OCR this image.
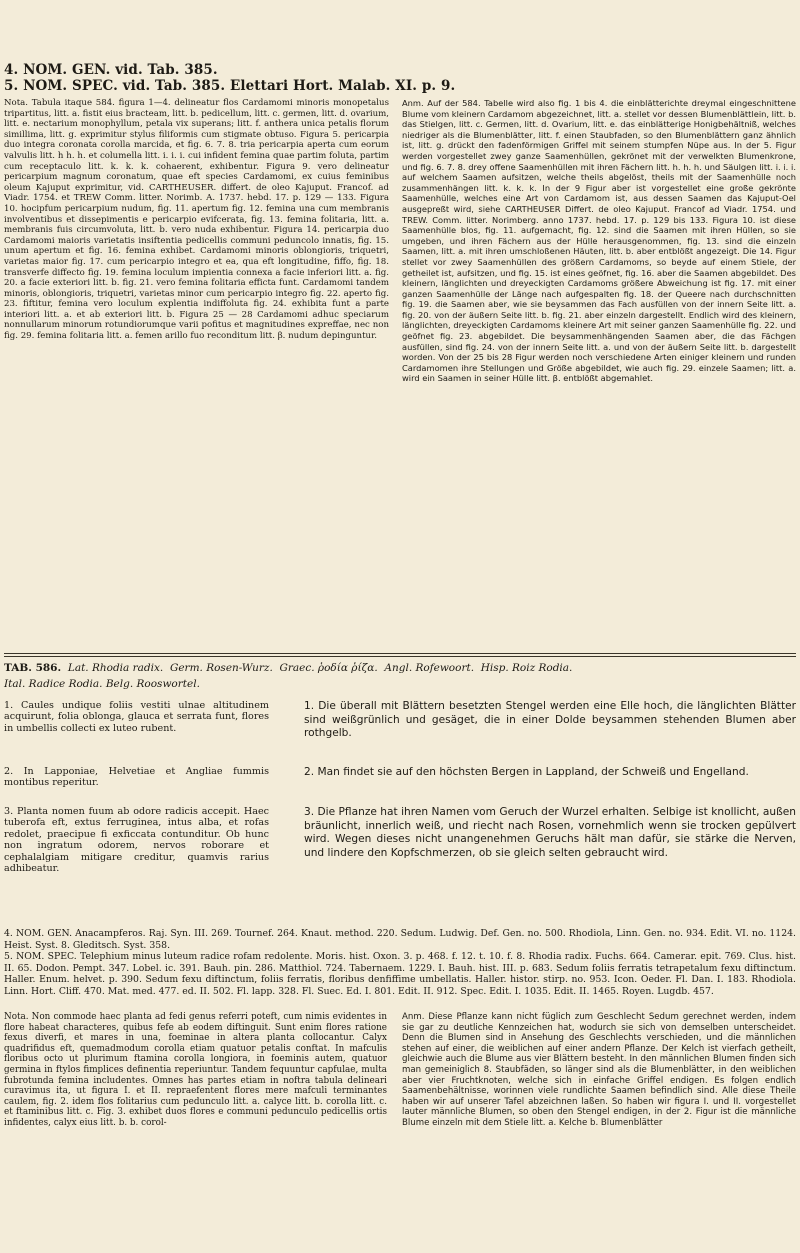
4. NOM. GEN. vid. Tab. 385.
5. NOM. SPEC. vid. Tab. 385. Elettari Hort. Malab. XI. p. 9.
Nota. Tabula itaque 584. figura 1—4. delineatur flos Cardamomi minoris monopetalus tripartitus, litt. a. fistit eius bracteam, litt. b. pedicellum, litt. c. germen, litt. d. ovarium, litt. e. nectarium monophyllum, petala vix superans; litt. f. anthera unica petalis florum simillima, litt. g. exprimitur stylus filiformis cum stigmate obtuso. Figura 5. pericarpia duo integra coronata corolla marcida, et fig. 6. 7. 8. tria pericarpia aperta cum eorum valvulis litt. h h. h. et columella litt. i. i. i. cui infident femina quae partim foluta, partim cum receptaculo litt. k. k. k. cohaerent, exhibentur. Figura 9. vero delineatur pericarpium magnum coronatum, quae eft species Cardamomi, ex cuius feminibus oleum Kajuput exprimitur, vid. CARTHEUSER. differt. de oleo Kajuput. Francof. ad Viadr. 1754. et TREW Comm. litter. Norimb. A. 1737. hebd. 17. p. 129 — 133. Figura 10. hocipfum pericarpium nudum, fig. 11. apertum fig. 12. femina una cum membranis involventibus et dissepimentis e pericarpio evifcerata, fig. 13. femina folitaria, litt. a. membranis fuis circumvoluta, litt. b. vero nuda exhibentur. Figura 14. pericarpia duo Cardamomi maioris varietatis insiftentia pedicellis communi peduncolo innatis, fig. 15. unum apertum et fig. 16. femina exhibet. Cardamomi minoris oblongioris, triquetri, varietas maior fig. 17. cum pericarpio integro et ea, qua eft longitudine, fiffo, fig. 18. transverfe diffecto fig. 19. femina loculum impientia connexa a facie inferiori litt. a. fig. 20. a facie exteriori litt. b. fig. 21. vero femina folitaria efficta funt. Cardamomi tandem minoris, oblongioris, triquetri, varietas minor cum pericarpio integro fig. 22. aperto fig. 23. fiftitur, femina vero loculum explentia indiffoluta fig. 24. exhibita funt a parte interiori litt. a. et ab exteriori litt. b. Figura 25 — 28 Cardamomi adhuc speciarum nonnullarum minorum rotundiorumque varii pofitus et magnitudines expreffae, nec non fig. 29. femina folitaria litt. a. femen arillo fuo reconditum litt. β. nudum depinguntur.
Anm. Auf der 584. Tabelle wird also fig. 1 bis 4. die einblätterichte dreymal eingeschnittene Blume vom kleinern Cardamom abgezeichnet, litt. a. stellet vor dessen Blumenblättlein, litt. b. das Stielgen, litt. c. Germen, litt. d. Ovarium, litt. e. das einblätterige Honigbehältniß, welches niedriger als die Blumenblätter, litt. f. einen Staubfaden, so den Blumenblättern ganz ähnlich ist, litt. g. drückt den fadenförmigen Griffel mit seinem stumpfen Nüpe aus. In der 5. Figur werden vorgestellet zwey ganze Saamenhüllen, gekrönet mit der verwelkten Blumenkrone, und fig. 6. 7. 8. drey offene Saamenhüllen mit ihren Fächern litt. h. h. h. und Säulgen litt. i. i. i. auf welchem Saamen aufsitzen, welche theils abgelöst, theils mit der Saamenhülle noch zusammenhängen litt. k. k. k. In der 9 Figur aber ist vorgestellet eine große gekrönte Saamenhülle, welches eine Art von Cardamom ist, aus dessen Saamen das Kajuput-Oel ausgepreßt wird, siehe CARTHEUSER Differt. de oleo Kajuput. Francof ad Viadr. 1754. und TREW. Comm. litter. Norimberg. anno 1737. hebd. 17. p. 129 bis 133. Figura 10. ist diese Saamenhülle blos, fig. 11. aufgemacht, fig. 12. sind die Saamen mit ihren Hüllen, so sie umgeben, und ihren Fächern aus der Hülle herausgenommen, fig. 13. sind die einzeln Saamen, litt. a. mit ihren umschloßenen Häuten, litt. b. aber entblößt angezeigt. Die 14. Figur stellet vor zwey Saamenhüllen des größern Cardamoms, so beyde auf einem Stiele, der getheilet ist, aufsitzen, und fig. 15. ist eines geöfnet, fig. 16. aber die Saamen abgebildet. Des kleinern, länglichten und dreyeckigten Cardamoms größere Abweichung ist fig. 17. mit einer ganzen Saamenhülle der Länge nach aufgespalten fig. 18. der Queere nach durchschnitten fig. 19. die Saamen aber, wie sie beysammen das Fach ausfüllen von der innern Seite litt. a. fig. 20. von der äußern Seite litt. b. fig. 21. aber einzeln dargestellt. Endlich wird des kleinern, länglichten, dreyeckigten Cardamoms kleinere Art mit seiner ganzen Saamenhülle fig. 22. und geöfnet fig. 23. abgebildet. Die beysammenhängenden Saamen aber, die das Fächgen ausfüllen, sind fig. 24. von der innern Seite litt. a. und von der äußern Seite litt. b. dargestellt worden. Von der 25 bis 28 Figur werden noch verschiedene Arten einiger kleinern und runden Cardamomen ihre Stellungen und Größe abgebildet, wie auch fig. 29. einzele Saamen; litt. a. wird ein Saamen in seiner Hülle litt. β. entblößt abgemahlet.
TAB. 586. Lat. Rhodia radix. Germ. Rosen-Wurz. Graec. ῥοδία ῥίζα. Angl. Rofewoort. Hisp. Roiz Rodia.
Ital. Radice Rodia. Belg. Rooswortel.
1. Caules undique foliis vestiti ulnae altitudinem acquirunt, folia oblonga, glauca et serrata funt, flores in umbellis collecti ex luteo rubent.
1. Die überall mit Blättern besetzten Stengel werden eine Elle hoch, die länglichten Blätter sind weißgrünlich und gesäget, die in einer Dolde beysammen stehenden Blumen aber rothgelb.
2. In Lapponiae, Helvetiae et Angliae fummis montibus reperitur.
2. Man findet sie auf den höchsten Bergen in Lappland, der Schweiß und Engelland.
3. Planta nomen fuum ab odore radicis accepit. Haec tuberofa eft, extus ferruginea, intus alba, et rofas redolet, praecipue fi exficcata contunditur. Ob hunc non ingratum odorem, nervos roborare et cephalalgiam mitigare creditur, quamvis rarius adhibeatur.
3. Die Pflanze hat ihren Namen vom Geruch der Wurzel erhalten. Selbige ist knollicht, außen bräunlicht, innerlich weiß, und riecht nach Rosen, vornehmlich wenn sie trocken gepülvert wird. Wegen dieses nicht unangenehmen Geruchs hält man dafür, sie stärke die Nerven, und lindere den Kopfschmerzen, ob sie gleich selten gebraucht wird.
4. NOM. GEN. Anacampferos. Raj. Syn. III. 269. Tournef. 264. Knaut. method. 220. Sedum. Ludwig. Def. Gen. no. 500. Rhodiola, Linn. Gen. no. 934. Edit. VI. no. 1124. Heist. Syst. 8. Gleditsch. Syst. 358.
5. NOM. SPEC. Telephium minus luteum radice rofam redolente. Moris. hist. Oxon. 3. p. 468. f. 12. t. 10. f. 8. Rhodia radix. Fuchs. 664. Camerar. epit. 769. Clus. hist. II. 65. Dodon. Pempt. 347. Lobel. ic. 391. Bauh. pin. 286. Matthiol. 724. Tabernaem. 1229. I. Bauh. hist. III. p. 683. Sedum foliis ferratis tetrapetalum fexu diftinctum. Haller. Enum. helvet. p. 390. Sedum fexu diftinctum, foliis ferratis, floribus denfiffime umbellatis. Haller. histor. stirp. no. 953. Icon. Oeder. Fl. Dan. I. 183. Rhodiola. Linn. Hort. Cliff. 470. Mat. med. 477. ed. II. 502. Fl. lapp. 328. Fl. Suec. Ed. I. 801. Edit. II. 912. Spec. Edit. I. 1035. Edit. II. 1465. Royen. Lugdb. 457.
Nota. Non commode haec planta ad fedi genus referri poteft, cum nimis evidentes in flore habeat characteres, quibus fefe ab eodem diftinguit. Sunt enim flores ratione fexus diverfi, et mares in una, foeminae in altera planta collocantur. Calyx quadrifidus eft, quemadmodum corolla etiam quatuor petalis conftat. In mafculis floribus octo ut plurimum ftamina corolla longiora, in foeminis autem, quatuor germina in ftylos fimplices definentia reperiuntur. Tandem fequuntur capfulae, multa fubrotunda femina includentes. Omnes has partes etiam in noftra tabula delineari curavimus ita, ut figura I. et II. repraefentent flores mere mafculi terminantes caulem, fig. 2. idem flos folitarius cum pedunculo litt. a. calyce litt. b. corolla litt. c. et ftaminibus litt. c. Fig. 3. exhibet duos flores e communi pedunculo pedicellis ortis infidentes, calyx eius litt. b. b. corol-
Anm. Diese Pflanze kann nicht füglich zum Geschlecht Sedum gerechnet werden, indem sie gar zu deutliche Kennzeichen hat, wodurch sie sich von demselben unterscheidet. Denn die Blumen sind in Ansehung des Geschlechts verschieden, und die männlichen stehen auf einer, die weiblichen auf einer andern Pflanze. Der Kelch ist vierfach getheilt, gleichwie auch die Blume aus vier Blättern besteht. In den männlichen Blumen finden sich man gemeiniglich 8. Staubfäden, so länger sind als die Blumenblätter, in den weiblichen aber vier Fruchtknoten, welche sich in einfache Griffel endigen. Es folgen endlich Saamenbehältnisse, worinnen viele rundlichte Saamen befindlich sind. Alle diese Theile haben wir auf unserer Tafel abzeichnen laßen. So haben wir figura I. und II. vorgestellet lauter männliche Blumen, so oben den Stengel endigen, in der 2. Figur ist die männliche Blume einzeln mit dem Stiele litt. a. Kelche b. Blumenblätter
